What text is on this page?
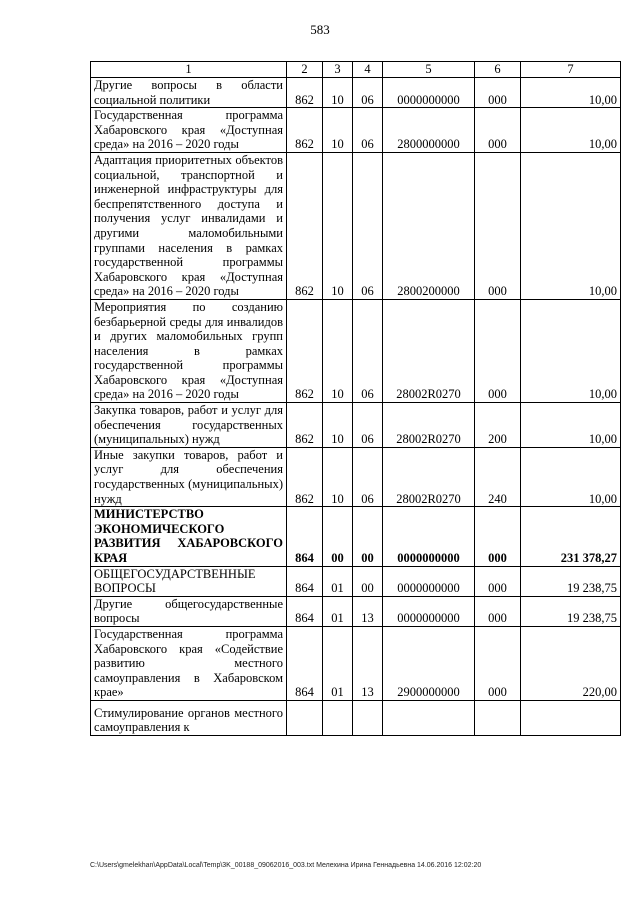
583
1	2	3	4	5	6	7
Другие вопросы в области социальной политики	862	10	06	0000000000	000	10,00
Государственная программа Хабаровского края «Доступная среда» на 2016 – 2020 годы	862	10	06	2800000000	000	10,00
Адаптация приоритетных объектов социальной, транспортной и инженерной инфраструктуры для беспрепятственного доступа и получения услуг инвалидами и другими маломобильными группами населения в рамках государственной программы Хабаровского края «Доступная среда» на 2016 – 2020 годы	862	10	06	2800200000	000	10,00
Мероприятия по созданию безбарьерной среды для инвалидов и других маломобильных групп населения в рамках государственной программы Хабаровского края «Доступная среда» на 2016 – 2020 годы	862	10	06	28002R0270	000	10,00
Закупка товаров, работ и услуг для обеспечения государственных (муниципальных) нужд	862	10	06	28002R0270	200	10,00
Иные закупки товаров, работ и услуг для обеспечения государственных (муниципальных) нужд	862	10	06	28002R0270	240	10,00
МИНИСТЕРСТВО ЭКОНОМИЧЕСКОГО РАЗВИТИЯ ХАБАРОВСКОГО КРАЯ	864	00	00	0000000000	000	231 378,27
ОБЩЕГОСУДАРСТВЕННЫЕ ВОПРОСЫ	864	01	00	0000000000	000	19 238,75
Другие общегосударственные вопросы	864	01	13	0000000000	000	19 238,75
Государственная программа Хабаровского края «Содействие развитию местного самоуправления в Хабаровском крае»	864	01	13	2900000000	000	220,00
Стимулирование органов местного самоуправления к						
C:\Users\gmelekhan\AppData\Local\Temp\3K_00188_09062016_003.txt Мелехина Ирина Геннадьевна 14.06.2016 12:02:20
